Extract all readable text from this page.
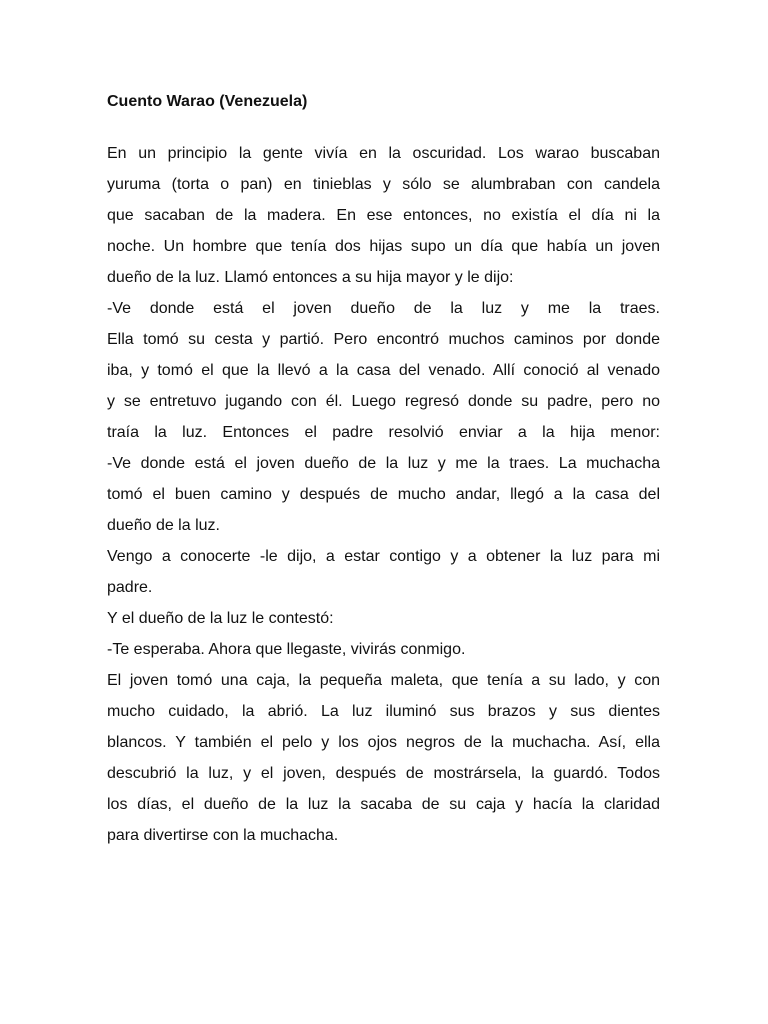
Cuento Warao (Venezuela)
En un principio la gente vivía en la oscuridad. Los warao buscaban
yuruma (torta o pan) en tinieblas y sólo se alumbraban con candela
que sacaban de la madera. En ese entonces, no existía el día ni la
noche. Un hombre que tenía dos hijas supo un día que había un joven
dueño de la luz. Llamó entonces a su hija mayor y le dijo:
-Ve donde está el joven dueño de la luz y me la traes.
Ella tomó su cesta y partió. Pero encontró muchos caminos por donde
iba, y tomó el que la llevó a la casa del venado. Allí conoció al venado
y se entretuvo jugando con él. Luego regresó donde su padre, pero no
traía la luz. Entonces el padre resolvió enviar a la hija menor:
-Ve donde está el joven dueño de la luz y me la traes. La muchacha
tomó el buen camino y después de mucho andar, llegó a la casa del
dueño de la luz.
Vengo a conocerte -le dijo, a estar contigo y a obtener la luz para mi
padre.
Y el dueño de la luz le contestó:
-Te esperaba. Ahora que llegaste, vivirás conmigo.
El joven tomó una caja, la pequeña maleta, que tenía a su lado, y con
mucho cuidado, la abrió. La luz iluminó sus brazos y sus dientes
blancos. Y también el pelo y los ojos negros de la muchacha. Así, ella
descubrió la luz, y el joven, después de mostrársela, la guardó. Todos
los días, el dueño de la luz la sacaba de su caja y hacía la claridad
para divertirse con la muchacha.
